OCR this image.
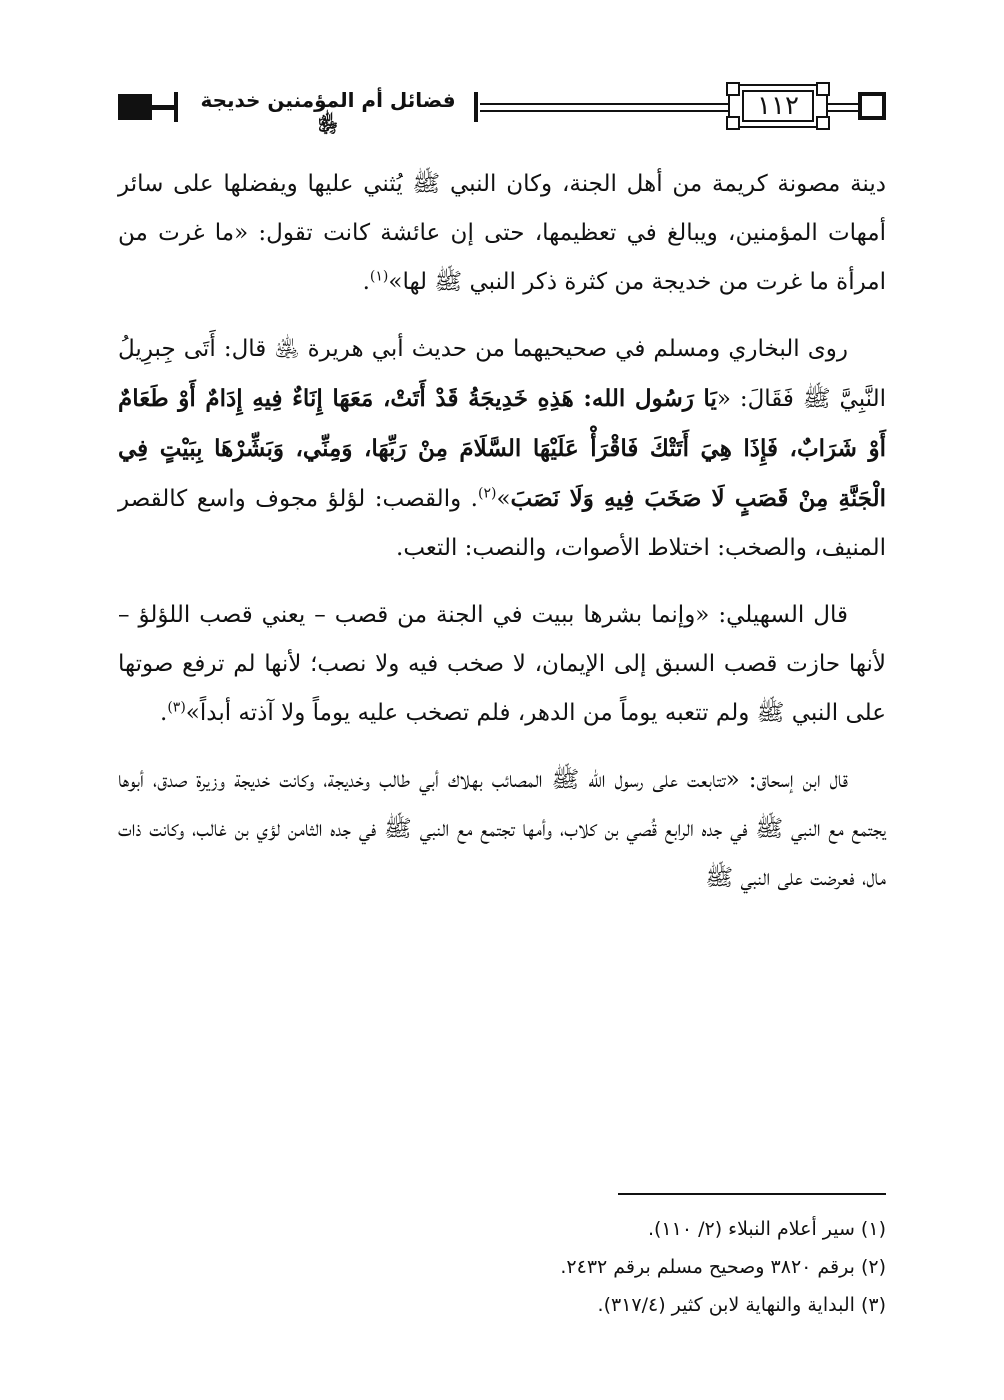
فضائل أم المؤمنين خديجة ﵂
١١٢

دينة مصونة كريمة من أهل الجنة، وكان النبي ﷺ يُثني عليها ويفضلها على سائر أمهات المؤمنين، ويبالغ في تعظيمها، حتى إن عائشة كانت تقول: «ما غرت من امرأة ما غرت من خديجة من كثرة ذكر النبي ﷺ لها»$^{(١)}$.

روى البخاري ومسلم في صحيحيهما من حديث أبي هريرة ﵁ قال: أَتَى جِبرِيلُ النَّبِيَّ ﷺ فَقَالَ: «يَا رَسُول الله: هَذِهِ خَدِيجَةُ قَدْ أَتَتْ، مَعَهَا إِنَاءٌ فِيهِ إِدَامٌ أَوْ طَعَامٌ أَوْ شَرَابٌ، فَإِذَا هِيَ أَتَتْكَ فَاقْرَأْ عَلَيْهَا السَّلَامَ مِنْ رَبِّهَا، وَمِنِّي، وَبَشِّرْهَا بِبَيْتٍ فِي الْجَنَّةِ مِنْ قَصَبٍ لَا صَخَبَ فِيهِ وَلَا نَصَبَ»$^{(٢)}$. والقصب: لؤلؤ مجوف واسع كالقصر المنيف، والصخب: اختلاط الأصوات، والنصب: التعب.

قال السهيلي: «وإنما بشرها ببيت في الجنة من قصب – يعني قصب اللؤلؤ – لأنها حازت قصب السبق إلى الإيمان، لا صخب فيه ولا نصب؛ لأنها لم ترفع صوتها على النبي ﷺ ولم تتعبه يوماً من الدهر، فلم تصخب عليه يوماً ولا آذته أبداً»$^{(٣)}$.

قال ابن إسحاق: «تتابعت على رسول الله ﷺ المصائب بهلاك أبي طالب وخديجة، وكانت خديجة وزيرة صدق، أبوها يجتمع مع النبي ﷺ في جده الرابع قُصي بن كلاب، وأمها تجتمع مع النبي ﷺ في جده الثامن لؤي بن غالب، وكانت ذات مال، فعرضت على النبي ﷺ

(١) سير أعلام النبلاء (٢/ ١١٠).
(٢) برقم ٣٨٢٠ وصحيح مسلم برقم ٢٤٣٢.
(٣) البداية والنهاية لابن كثير (٣١٧/٤).
